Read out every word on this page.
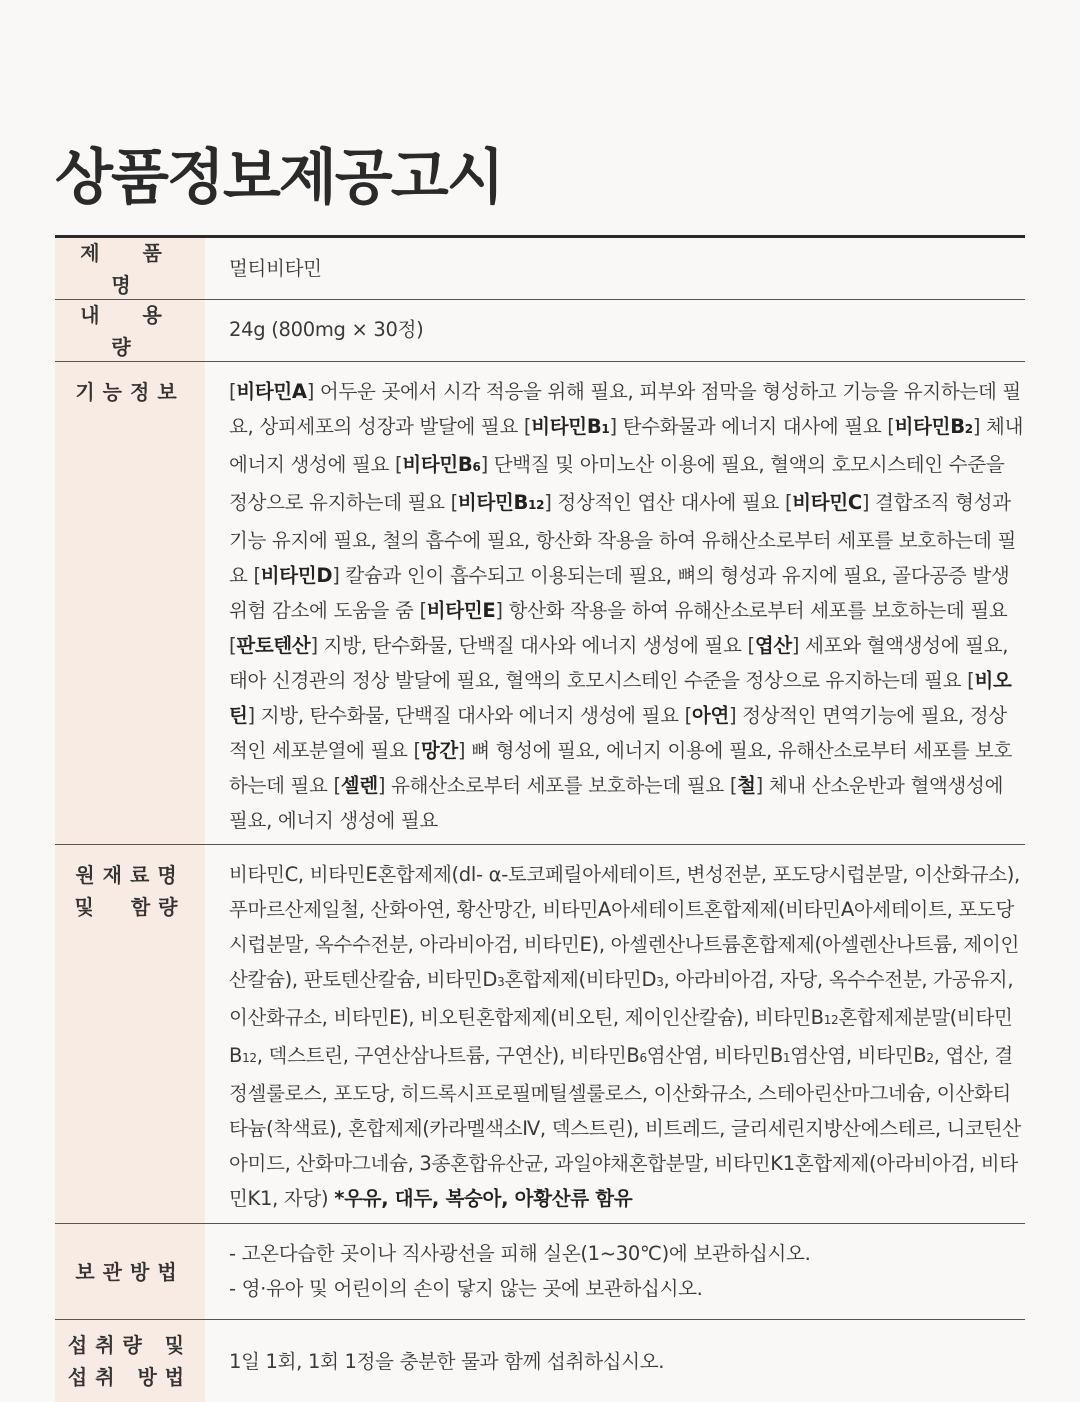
상품정보제공고시
제 품 명
멀티비타민
내 용 량
24g (800mg × 30정)
기능정보	[비타민A] 어두운 곳에서 시각 적응을 위해 필요, 피부와 점막을 형성하고 기능을 유지하는데 필요, 상피세포의 성장과 발달에 필요 [비타민B1] 탄수화물과 에너지 대사에 필요 [비타민B2] 체내 에너지 생성에 필요 [비타민B6] 단백질 및 아미노산 이용에 필요, 혈액의 호모시스테인 수준을 정상으로 유지하는데 필요 [비타민B12] 정상적인 엽산 대사에 필요 [비타민C] 결합조직 형성과 기능 유지에 필요, 철의 흡수에 필요, 항산화 작용을 하여 유해산소로부터 세포를 보호하는데 필요 [비타민D] 칼슘과 인이 흡수되고 이용되는데 필요, 뼈의 형성과 유지에 필요, 골다공증 발생 위험 감소에 도움을 줌 [비타민E] 항산화 작용을 하여 유해산소로부터 세포를 보호하는데 필요 [판토텐산] 지방, 탄수화물, 단백질 대사와 에너지 생성에 필요 [엽산] 세포와 혈액생성에 필요, 태아 신경관의 정상 발달에 필요, 혈액의 호모시스테인 수준을 정상으로 유지하는데 필요 [비오틴] 지방, 탄수화물, 단백질 대사와 에너지 생성에 필요 [아연] 정상적인 면역기능에 필요, 정상적인 세포분열에 필요 [망간] 뼈 형성에 필요, 에너지 이용에 필요, 유해산소로부터 세포를 보호하는데 필요 [셀렌] 유해산소로부터 세포를 보호하는데 필요 [철] 체내 산소운반과 혈액생성에 필요, 에너지 생성에 필요
원재료명
및 함량
비타민C, 비타민E혼합제제(dl- α-토코페릴아세테이트, 변성전분, 포도당시럽분말, 이산화규소), 푸마르산제일철, 산화아연, 황산망간, 비타민A아세테이트혼합제제(비타민A아세테이트, 포도당시럽분말, 옥수수전분, 아라비아검, 비타민E), 아셀렌산나트륨혼합제제(아셀렌산나트륨, 제이인산칼슘), 판토텐산칼슘, 비타민D3혼합제제(비타민D3, 아라비아검, 자당, 옥수수전분, 가공유지, 이산화규소, 비타민E), 비오틴혼합제제(비오틴, 제이인산칼슘), 비타민B12혼합제제분말(비타민B12, 덱스트린, 구연산삼나트륨, 구연산), 비타민B6염산염, 비타민B1염산염, 비타민B2, 엽산, 결정셀룰로스, 포도당, 히드록시프로필메틸셀룰로스, 이산화규소, 스테아린산마그네슘, 이산화티타늄(착색료), 혼합제제(카라멜색소Ⅳ, 덱스트린), 비트레드, 글리세린지방산에스테르, 니코틴산아미드, 산화마그네슘, 3종혼합유산균, 과일야채혼합분말, 비타민K1혼합제제(아라비아검, 비타민K1, 자당) *우유, 대두, 복숭아, 아황산류 함유
보관방법
- 고온다습한 곳이나 직사광선을 피해 실온(1~30℃)에 보관하십시오.
- 영·유아 및 어린이의 손이 닿지 않는 곳에 보관하십시오.
섭취량 및
섭취 방법
1일 1회, 1회 1정을 충분한 물과 함께 섭취하십시오.
